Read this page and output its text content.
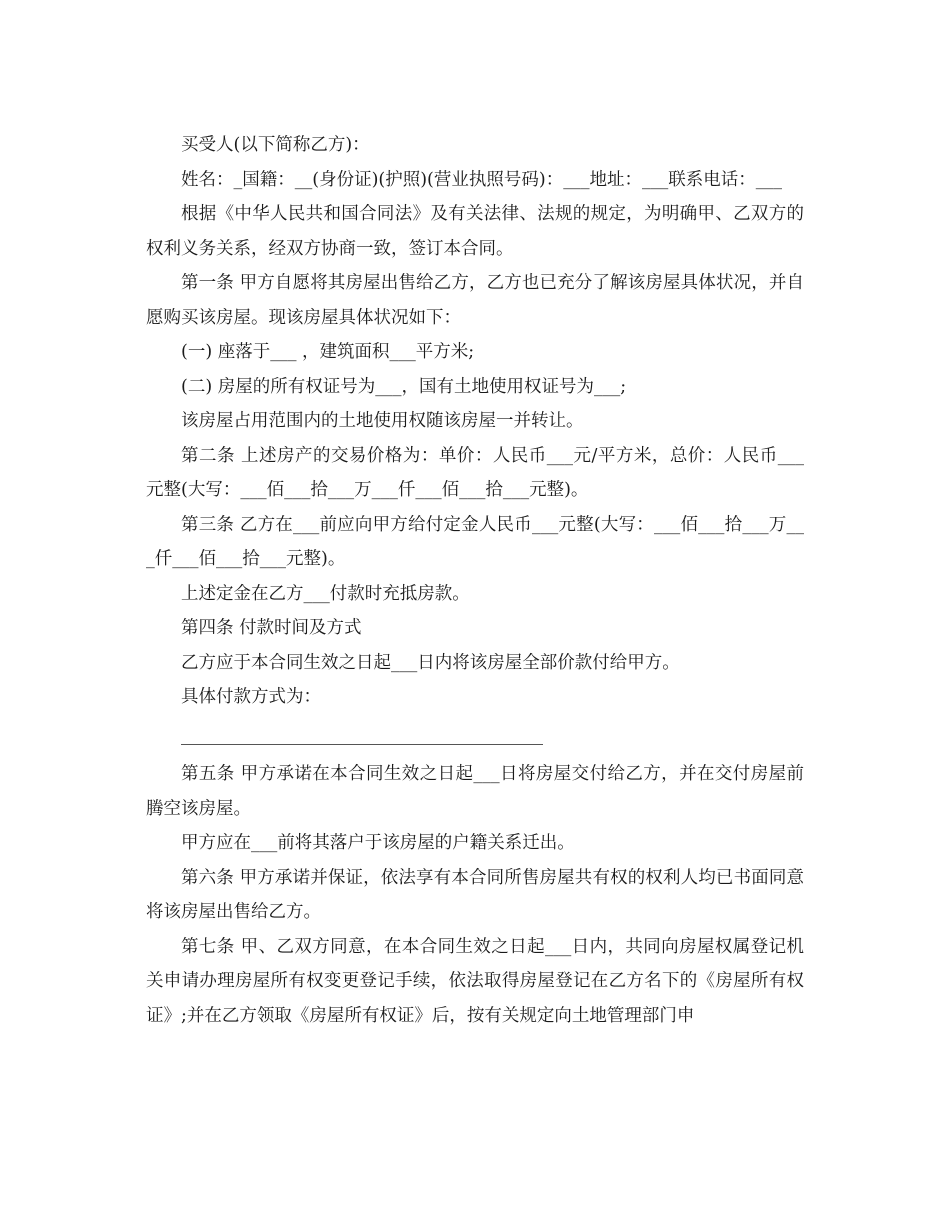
买受人(以下简称乙方)：

姓名：_国籍：__(身份证)(护照)(营业执照号码)：___地址：___联系电话：___

根据《中华人民共和国合同法》及有关法律、法规的规定，为明确甲、乙双方的权利义务关系，经双方协商一致，签订本合同。

第一条 甲方自愿将其房屋出售给乙方，乙方也已充分了解该房屋具体状况，并自愿购买该房屋。现该房屋具体状况如下：

(一) 座落于___ ，建筑面积___平方米;

(二) 房屋的所有权证号为___，国有土地使用权证号为___;

该房屋占用范围内的土地使用权随该房屋一并转让。

第二条 上述房产的交易价格为：单价：人民币___元/平方米，总价：人民币___元整(大写：___佰___拾___万___仟___佰___拾___元整)。

第三条 乙方在___前应向甲方给付定金人民币___元整(大写：___佰___拾___万___仟___佰___拾___元整)。

上述定金在乙方___付款时充抵房款。

第四条 付款时间及方式

乙方应于本合同生效之日起___日内将该房屋全部价款付给甲方。

具体付款方式为：

第五条 甲方承诺在本合同生效之日起___日将房屋交付给乙方，并在交付房屋前腾空该房屋。

甲方应在___前将其落户于该房屋的户籍关系迁出。

第六条 甲方承诺并保证，依法享有本合同所售房屋共有权的权利人均已书面同意将该房屋出售给乙方。

第七条 甲、乙双方同意，在本合同生效之日起___日内，共同向房屋权属登记机关申请办理房屋所有权变更登记手续，依法取得房屋登记在乙方名下的《房屋所有权证》;并在乙方领取《房屋所有权证》后，按有关规定向土地管理部门申
